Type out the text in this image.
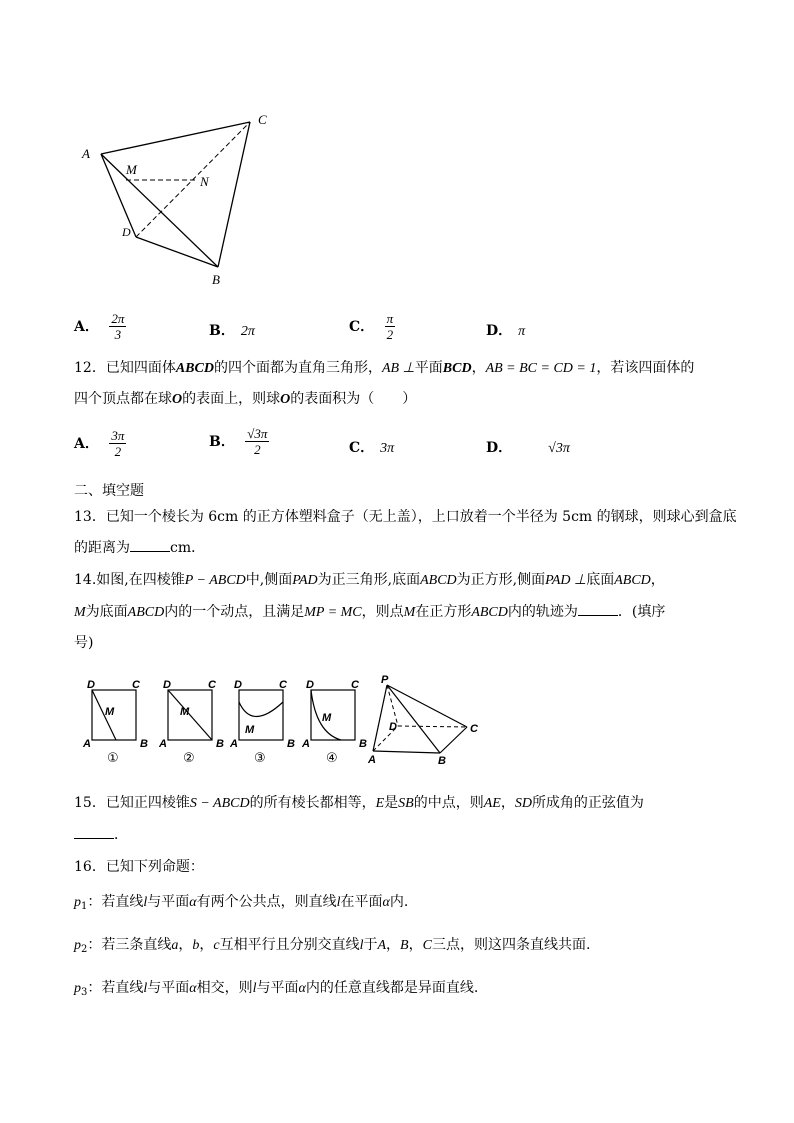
A
C
M
N
D
B
A． $\frac{2\pi}{3}$	B． 2π	C． $\frac{\pi}{2}$	D． π
12．已知四面体ABCD的四个面都为直角三角形，AB ⊥平面BCD，AB = BC = CD = 1，若该四面体的
四个顶点都在球O的表面上，则球O的表面积为（　　）
A． $\frac{3\pi}{2}$	B． $\frac{√3\pi}{2}$	C． 3π	D．	√3π
二、填空题
13．已知一个棱长为 6cm 的正方体塑料盒子（无上盖），上口放着一个半径为 5cm 的钢球，则球心到盒底
的距离为	cm．
14.如图,在四棱锥P − ABCD中,侧面PAD为正三角形,底面ABCD为正方形,侧面PAD ⊥底面ABCD，
M为底面ABCD内的一个动点，且满足MP = MC，则点M在正方形ABCD内的轨迹为	．(填序
号)
D	C
M
A	B
①
D	C
M
A	B
②
D	C
M
A	B
③
D	C
M
A	B
④
P
D	C
A	B
15．已知正四棱锥S − ABCD的所有棱长都相等，E是SB的中点，则AE，SD所成角的正弦值为
．
16．已知下列命题：
$p_1$：若直线l与平面α有两个公共点，则直线l在平面α内.
$p_2$：若三条直线a，b，c互相平行且分别交直线l于A，B，C三点，则这四条直线共面.
$p_3$：若直线l与平面α相交，则l与平面α内的任意直线都是异面直线.
